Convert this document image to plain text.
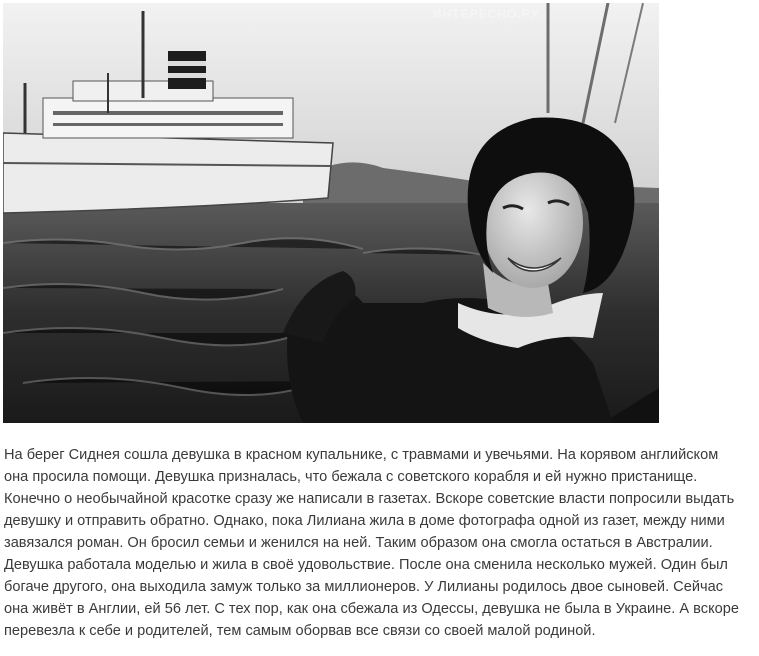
ИНТЕРЕСНО.РУ

На берег Сиднея сошла девушка в красном купальнике, с травмами и увечьями. На корявом английском
она просила помощи. Девушка призналась, что бежала с советского корабля и ей нужно пристанище.
Конечно о необычайной красотке сразу же написали в газетах. Вскоре советские власти попросили выдать
девушку и отправить обратно. Однако, пока Лилиана жила в доме фотографа одной из газет, между ними
завязался роман. Он бросил семьи и женился на ней. Таким образом она смогла остаться в Австралии.
Девушка работала моделью и жила в своё удовольствие. После она сменила несколько мужей. Один был
богаче другого, она выходила замуж только за миллионеров. У Лилианы родилось двое сыновей. Сейчас
она живёт в Англии, ей 56 лет. С тех пор, как она сбежала из Одессы, девушка не была в Украине. А вскоре
перевезла к себе и родителей, тем самым оборвав все связи со своей малой родиной.
